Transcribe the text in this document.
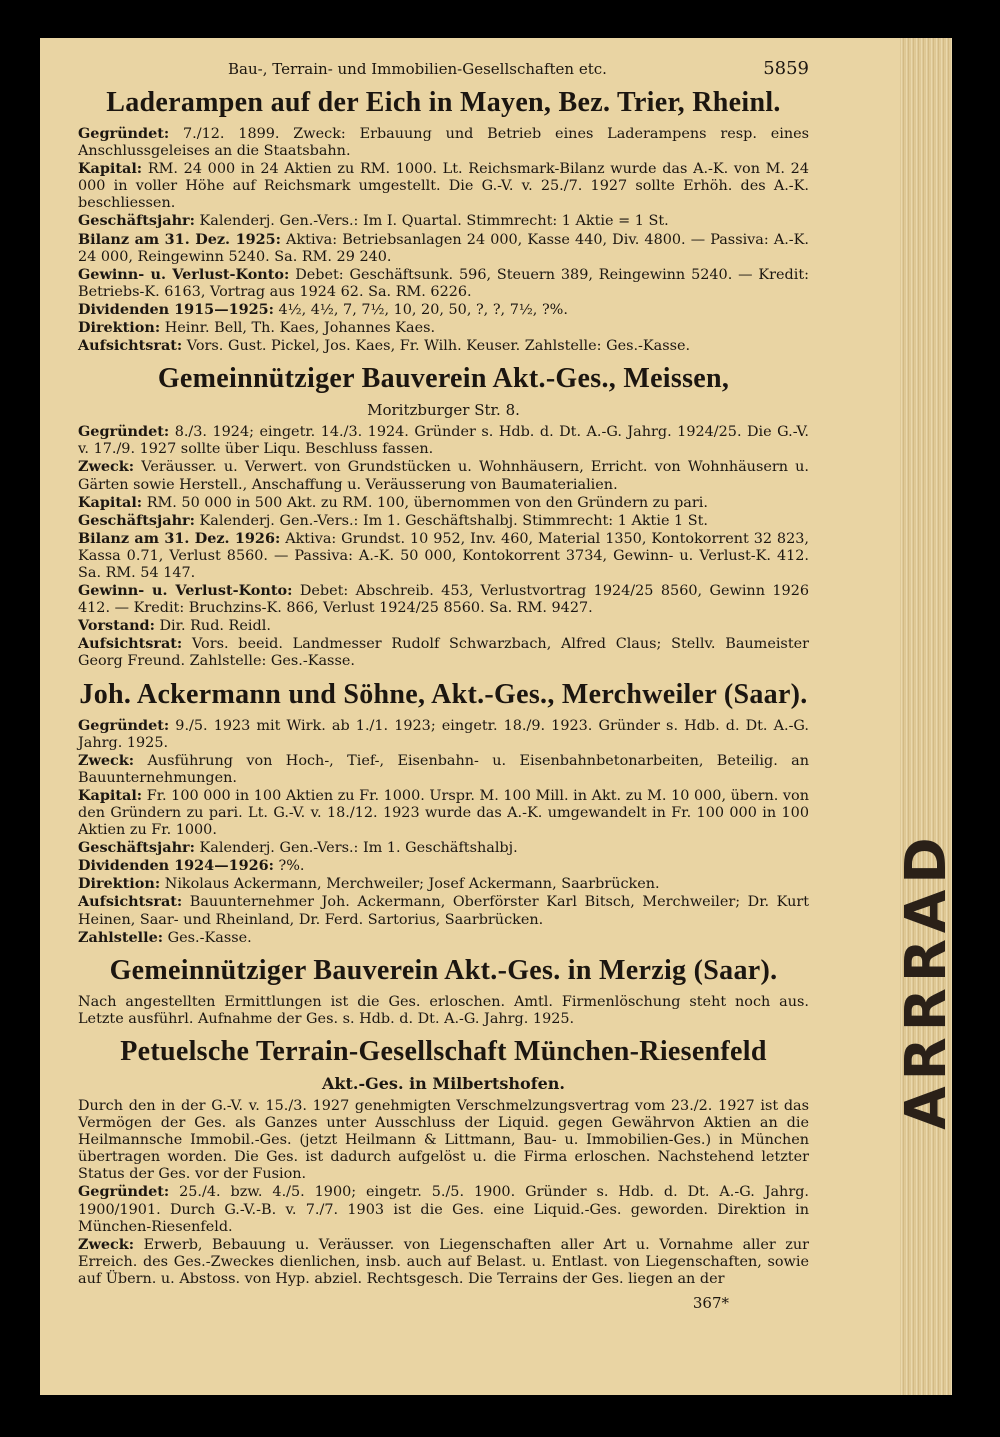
ARRRAD
Bau-, Terrain- und Immobilien-Gesellschaften etc.	5859
Laderampen auf der Eich in Mayen, Bez. Trier, Rheinl.

Gegründet: 7./12. 1899. Zweck: Erbauung und Betrieb eines Laderampens resp. eines Anschlussgeleises an die Staatsbahn.

Kapital: RM. 24 000 in 24 Aktien zu RM. 1000. Lt. Reichsmark-Bilanz wurde das A.-K. von M. 24 000 in voller Höhe auf Reichsmark umgestellt. Die G.-V. v. 25./7. 1927 sollte Erhöh. des A.-K. beschliessen.

Geschäftsjahr: Kalenderj. Gen.-Vers.: Im I. Quartal. Stimmrecht: 1 Aktie = 1 St.

Bilanz am 31. Dez. 1925: Aktiva: Betriebsanlagen 24 000, Kasse 440, Div. 4800. — Passiva: A.-K. 24 000, Reingewinn 5240. Sa. RM. 29 240.

Gewinn- u. Verlust-Konto: Debet: Geschäftsunk. 596, Steuern 389, Reingewinn 5240. — Kredit: Betriebs-K. 6163, Vortrag aus 1924 62. Sa. RM. 6226.

Dividenden 1915—1925: 4½, 4½, 7, 7½, 10, 20, 50, ?, ?, 7½, ?%.

Direktion: Heinr. Bell, Th. Kaes, Johannes Kaes.

Aufsichtsrat: Vors. Gust. Pickel, Jos. Kaes, Fr. Wilh. Keuser. Zahlstelle: Ges.-Kasse.

Gemeinnütziger Bauverein Akt.-Ges., Meissen,
Moritzburger Str. 8.

Gegründet: 8./3. 1924; eingetr. 14./3. 1924. Gründer s. Hdb. d. Dt. A.-G. Jahrg. 1924/25. Die G.-V. v. 17./9. 1927 sollte über Liqu. Beschluss fassen.

Zweck: Veräusser. u. Verwert. von Grundstücken u. Wohnhäusern, Erricht. von Wohnhäusern u. Gärten sowie Herstell., Anschaffung u. Veräusserung von Baumaterialien.

Kapital: RM. 50 000 in 500 Akt. zu RM. 100, übernommen von den Gründern zu pari.

Geschäftsjahr: Kalenderj. Gen.-Vers.: Im 1. Geschäftshalbj. Stimmrecht: 1 Aktie 1 St.

Bilanz am 31. Dez. 1926: Aktiva: Grundst. 10 952, Inv. 460, Material 1350, Kontokorrent 32 823, Kassa 0.71, Verlust 8560. — Passiva: A.-K. 50 000, Kontokorrent 3734, Gewinn- u. Verlust-K. 412. Sa. RM. 54 147.

Gewinn- u. Verlust-Konto: Debet: Abschreib. 453, Verlustvortrag 1924/25 8560, Gewinn 1926 412. — Kredit: Bruchzins-K. 866, Verlust 1924/25 8560. Sa. RM. 9427.

Vorstand: Dir. Rud. Reidl.

Aufsichtsrat: Vors. beeid. Landmesser Rudolf Schwarzbach, Alfred Claus; Stellv. Baumeister Georg Freund. Zahlstelle: Ges.-Kasse.

Joh. Ackermann und Söhne, Akt.-Ges., Merchweiler (Saar).

Gegründet: 9./5. 1923 mit Wirk. ab 1./1. 1923; eingetr. 18./9. 1923. Gründer s. Hdb. d. Dt. A.-G. Jahrg. 1925.

Zweck: Ausführung von Hoch-, Tief-, Eisenbahn- u. Eisenbahnbetonarbeiten, Beteilig. an Bauunternehmungen.

Kapital: Fr. 100 000 in 100 Aktien zu Fr. 1000. Urspr. M. 100 Mill. in Akt. zu M. 10 000, übern. von den Gründern zu pari. Lt. G.-V. v. 18./12. 1923 wurde das A.-K. umgewandelt in Fr. 100 000 in 100 Aktien zu Fr. 1000.

Geschäftsjahr: Kalenderj. Gen.-Vers.: Im 1. Geschäftshalbj.

Dividenden 1924—1926: ?%.

Direktion: Nikolaus Ackermann, Merchweiler; Josef Ackermann, Saarbrücken.

Aufsichtsrat: Bauunternehmer Joh. Ackermann, Oberförster Karl Bitsch, Merchweiler; Dr. Kurt Heinen, Saar- und Rheinland, Dr. Ferd. Sartorius, Saarbrücken.

Zahlstelle: Ges.-Kasse.

Gemeinnütziger Bauverein Akt.-Ges. in Merzig (Saar).

Nach angestellten Ermittlungen ist die Ges. erloschen. Amtl. Firmenlöschung steht noch aus. Letzte ausführl. Aufnahme der Ges. s. Hdb. d. Dt. A.-G. Jahrg. 1925.

Petuelsche Terrain-Gesellschaft München-Riesenfeld
Akt.-Ges. in Milbertshofen.

Durch den in der G.-V. v. 15./3. 1927 genehmigten Verschmelzungsvertrag vom 23./2. 1927 ist das Vermögen der Ges. als Ganzes unter Ausschluss der Liquid. gegen Gewährvon Aktien an die Heilmannsche Immobil.-Ges. (jetzt Heilmann & Littmann, Bau- u. Immobilien-Ges.) in München übertragen worden. Die Ges. ist dadurch aufgelöst u. die Firma erloschen. Nachstehend letzter Status der Ges. vor der Fusion.

Gegründet: 25./4. bzw. 4./5. 1900; eingetr. 5./5. 1900. Gründer s. Hdb. d. Dt. A.-G. Jahrg. 1900/1901. Durch G.-V.-B. v. 7./7. 1903 ist die Ges. eine Liquid.-Ges. geworden. Direktion in München-Riesenfeld.

Zweck: Erwerb, Bebauung u. Veräusser. von Liegenschaften aller Art u. Vornahme aller zur Erreich. des Ges.-Zweckes dienlichen, insb. auch auf Belast. u. Entlast. von Liegenschaften, sowie auf Übern. u. Abstoss. von Hyp. abziel. Rechtsgesch. Die Terrains der Ges. liegen an der

367*
